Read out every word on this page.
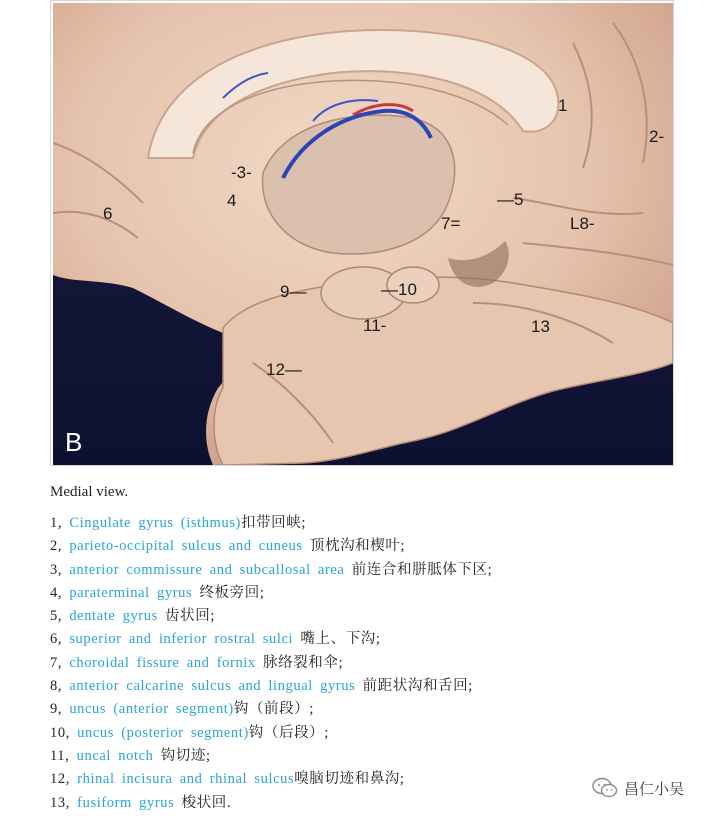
1
2-
-3-
4	—5
6
7=	L8-
9—	—10
11-
12—
13
B
Medial view.
1, Cingulate gyrus (isthmus)扣带回峡;
2, parieto-occipital sulcus and cuneus 顶枕沟和楔叶;
3, anterior commissure and subcallosal area 前连合和胼胝体下区;
4, paraterminal gyrus 终板旁回;
5, dentate gyrus 齿状回;
6, superior and inferior rostral sulci 嘴上、下沟;
7, choroidal fissure and fornix 脉络裂和伞;
8, anterior calcarine sulcus and lingual gyrus 前距状沟和舌回;
9, uncus (anterior segment)钩（前段）;
10, uncus (posterior segment)钩（后段）;
11, uncal notch 钩切迹;
12, rhinal incisura and rhinal sulcus嗅脑切迹和鼻沟;
13, fusiform gyrus 梭状回.
昌仁小吴
